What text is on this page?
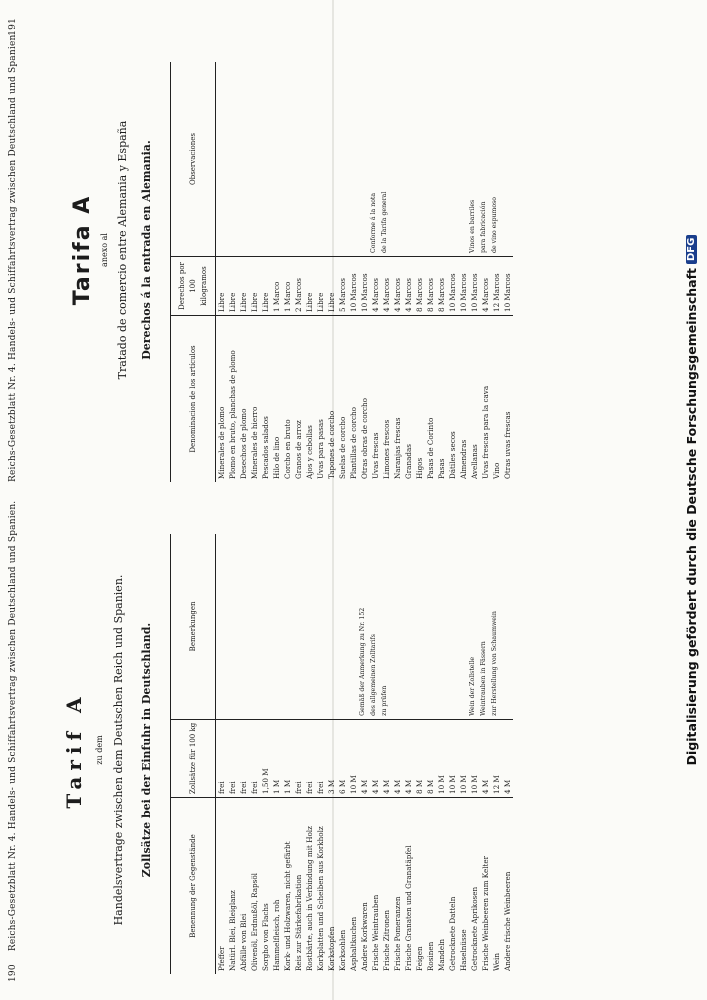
190 Reichs-Gesetzblatt Nr. 4. Handels- und Schiffahrtsvertrag zwischen Deutschland und Spanien. Tarif A zu dem Handelsvertrage zwischen dem Deutschen Reich und Spanien. Zollsätze bei der Einfuhr in Deutschland.
Benennung der Gegenstände	Zollsätze für 100 kg	Bemerkungen
Pfeffer	frei	
Natürl. Blei, Bleiglanz	frei	
Abfälle von Blei	frei	
Olivenöl, Erdnußöl, Rapsöl	frei	
Sorgho von Flachs	1,50 M	
Hammelfleisch, roh	1 M	
Kork- und Holzwaren, nicht gefärbt	1 M	
Reis zur Stärkefabrikation	frei	
Rostbärte, auch in Verbindung mit Holz	frei	
Korkplatten und Scheiben aus Korkholz	frei	
Korkstopfen	3 M	
Korksohlen	6 M	
Asphaltkuchen	10 M	
Andere Korkwaren	4 M	Gemäß der Anmerkung zu Nr. 152
Frische Weintrauben	4 M	des allgemeinen Zolltarifs
Frische Zitronen	4 M	zu prüfen
Frische Pomeranzen	4 M	
Frische Granaten und Granatäpfel	4 M	
Feigen	8 M	
Rosinen	8 M	
Mandeln	10 M	
Getrocknete Datteln	10 M	
Haselnüsse	10 M	
Getrocknete Aprikosen	10 M	Wein der Zollstelle
Frische Weinbeeren zum Kelter	4 M	Weintrauben in Fässern
Wein	12 M	zur Herstellung von Schaumwein
Andere frische Weinbeeren	4 M	
Reichs-Gesetzblatt Nr. 4. Handels- und Schiffahrtsvertrag zwischen Deutschland und Spanien.
191
Tarifa A anexo al Tratado de comercio entre Alemania y España Derechos á la entrada en Alemania.
Denominacion de los artículos	Derechos por 100 kilogramos	Observaciones
Minerales de plomo	Libre	
Plomo en bruto, planchas de plomo	Libre	
Desechos de plomo	Libre	
Minerales de hierro	Libre	
Pescados salados	Libre	
Hilo de lino	1 Marco	
Corcho en bruto	1 Marco	
Granos de arroz	2 Marcos	
Ajos y cebollas	Libre	
Uvas para pasas	Libre	
Tapones de corcho	Libre	
Suelas de corcho	5 Marcos	
Plantillas de corcho	10 Marcos	
Otras obras de corcho	10 Marcos	
Uvas frescas	4 Marcos	Conforme á la nota
Limones frescos	4 Marcos	de la Tarifa general
Naranjas frescas	4 Marcos	
Granadas	4 Marcos	
Higos	8 Marcos	
Pasas de Corinto	8 Marcos	
Pasas	8 Marcos	
Dátiles secos	10 Marcos	
Almendras	10 Marcos	
Avellanas	10 Marcos	Vinos en barriles
Uvas frescas para la cava	4 Marcos	para fabricación
Vino	12 Marcos	de vino espumoso
Otras uvas frescas	10 Marcos		Digitalisierung gefördert durch die Deutsche Forschungsgemeinschaft
DFG
